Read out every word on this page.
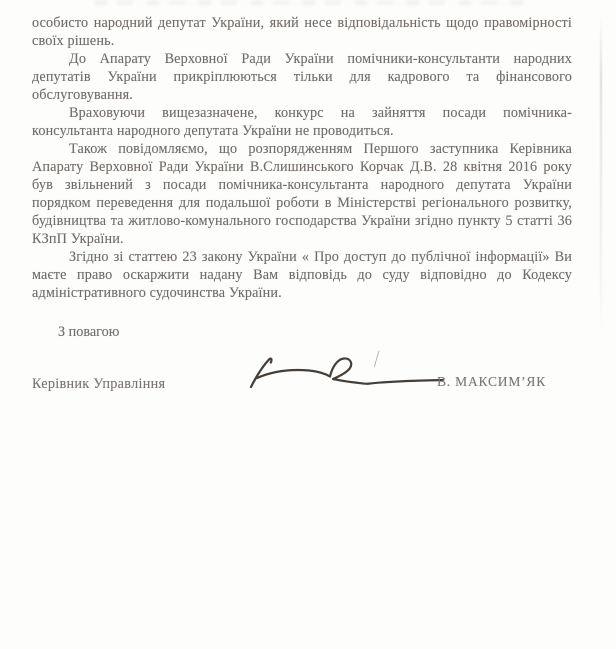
особисто народний депутат України, який несе відповідальність щодо правомірності своїх рішень.

До Апарату Верховної Ради України помічники-консультанти народних депутатів України прикріплюються тільки для кадрового та фінансового обслуговування.

Враховуючи вищезазначене, конкурс на зайняття посади помічника-консультанта народного депутата України не проводиться.

Також повідомляємо, що розпорядженням Першого заступника Керівника Апарату Верховної Ради України В.Слишинського Корчак Д.В. 28 квітня 2016 року був звільнений з посади помічника-консультанта народного депутата України порядком переведення для подальшої роботи в Міністерстві регіонального розвитку, будівництва та житлово-комунального господарства України згідно пункту 5 статті 36 КЗпП України.

Згідно зі статтею 23 закону України « Про доступ до публічної інформації» Ви маєте право оскаржити надану Вам відповідь до суду відповідно до Кодексу адміністративного судочинства України.

З повагою
Керівник Управління	В. МАКСИМ’ЯК
